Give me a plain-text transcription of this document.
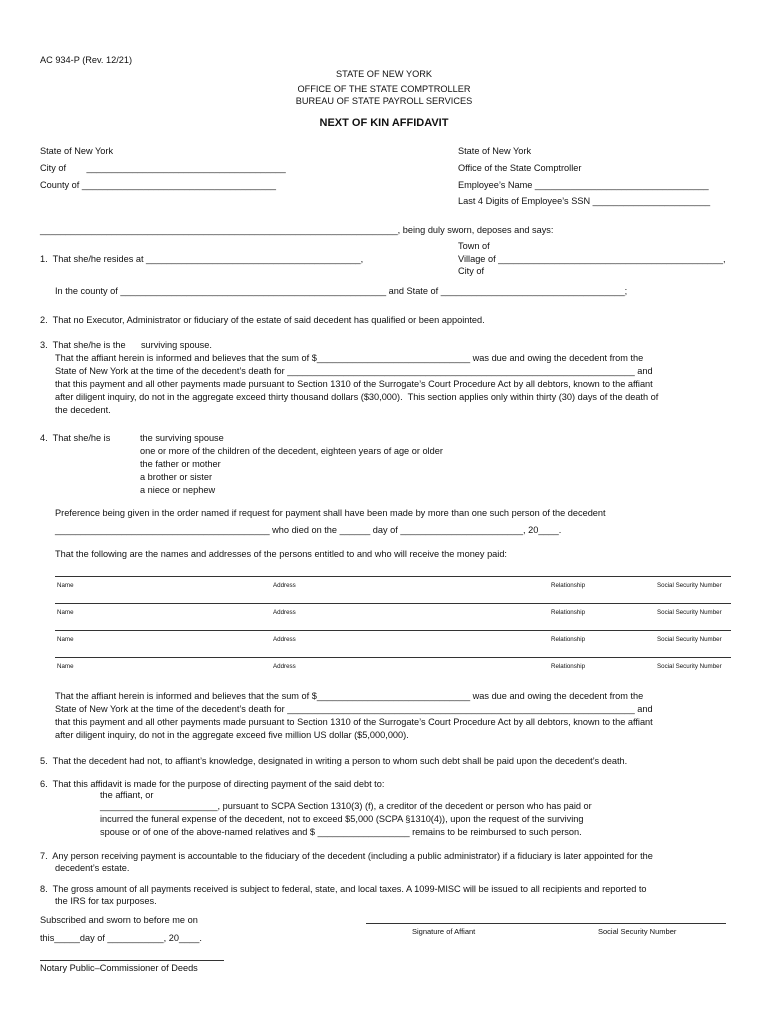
AC 934-P (Rev. 12/21)
STATE OF NEW YORK
OFFICE OF THE STATE COMPTROLLER
BUREAU OF STATE PAYROLL SERVICES
NEXT OF KIN AFFIDAVIT
State of New York
City of        _______________________________________
County of ______________________________________
State of New York
Office of the State Comptroller
Employee’s Name __________________________________
Last 4 Digits of Employee’s SSN _______________________
______________________________________________________________________, being duly sworn, deposes and says:
1.  That she/he resides at __________________________________________,
Town of
Village of ____________________________________________,
City of
In the county of ____________________________________________________ and State of ____________________________________;
2.  That no Executor, Administrator or fiduciary of the estate of said decedent has qualified or been appointed.
3.  That she/he is the      surviving spouse.
That the affiant herein is informed and believes that the sum of $______________________________ was due and owing the decedent from the
State of New York at the time of the decedent’s death for ____________________________________________________________________ and
that this payment and all other payments made pursuant to Section 1310 of the Surrogate’s Court Procedure Act by all debtors, known to the affiant
after diligent inquiry, do not in the aggregate exceed thirty thousand dollars ($30,000).  This section applies only within thirty (30) days of the death of
the decedent.
4.  That she/he is	the surviving spouse
one or more of the children of the decedent, eighteen years of age or older
the father or mother
a brother or sister
a niece or nephew
Preference being given in the order named if request for payment shall have been made by more than one such person of the decedent
__________________________________________ who died on the ______ day of ________________________, 20____.
That the following are the names and addresses of the persons entitled to and who will receive the money paid:
Name	Address	Relationship	Social Security Number
Name	Address	Relationship	Social Security Number
Name	Address	Relationship	Social Security Number
Name	Address	Relationship	Social Security Number
That the affiant herein is informed and believes that the sum of $______________________________ was due and owing the decedent from the
State of New York at the time of the decedent’s death for ____________________________________________________________________ and
that this payment and all other payments made pursuant to Section 1310 of the Surrogate’s Court Procedure Act by all debtors, known to the affiant
after diligent inquiry, do not in the aggregate exceed five million US dollar ($5,000,000).
5.  That the decedent had not, to affiant’s knowledge, designated in writing a person to whom such debt shall be paid upon the decedent’s death.
6.  That this affidavit is made for the purpose of directing payment of the said debt to:
the affiant, or
_______________________, pursuant to SCPA Section 1310(3) (f), a creditor of the decedent or person who has paid or
incurred the funeral expense of the decedent, not to exceed $5,000 (SCPA §1310(4)), upon the request of the surviving
spouse or of one of the above-named relatives and $ __________________ remains to be reimbursed to such person.
7.  Any person receiving payment is accountable to the fiduciary of the decedent (including a public administrator) if a fiduciary is later appointed for the
decedent’s estate.
8.  The gross amount of all payments received is subject to federal, state, and local taxes. A 1099-MISC will be issued to all recipients and reported to
the IRS for tax purposes.
Subscribed and sworn to before me on
Signature of Affiant	Social Security Number
this_____day of ___________, 20____.
Notary Public–Commissioner of Deeds
